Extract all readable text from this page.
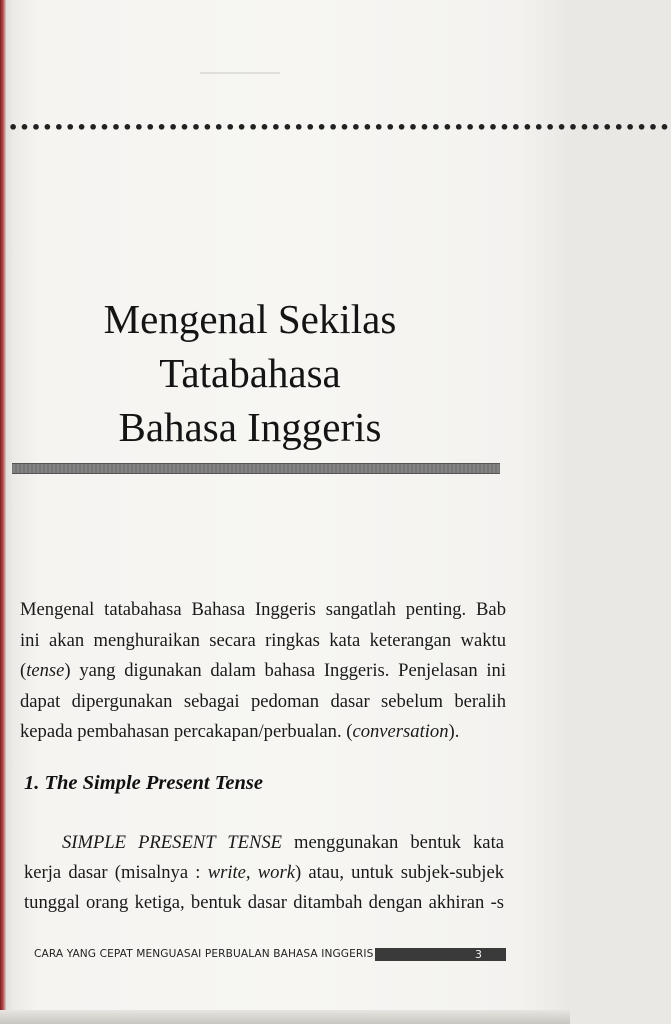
••••••••••••••••••••••••••••••••••••••••••••••••••••••••••
Mengenal Sekilas
Tatabahasa
Bahasa Inggeris
Mengenal tatabahasa Bahasa Inggeris sangatlah penting. Bab
ini akan menghuraikan secara ringkas kata keterangan waktu
(tense) yang digunakan dalam bahasa Inggeris. Penjelasan ini
dapat dipergunakan sebagai pedoman dasar sebelum beralih
kepada pembahasan percakapan/perbualan. (conversation).
1. The Simple Present Tense
SIMPLE PRESENT TENSE menggunakan bentuk kata
kerja dasar (misalnya : write, work) atau, untuk subjek-subjek
tunggal orang ketiga, bentuk dasar ditambah dengan akhiran -s
CARA YANG CEPAT MENGUASAI PERBUALAN BAHASA INGGERIS	3
